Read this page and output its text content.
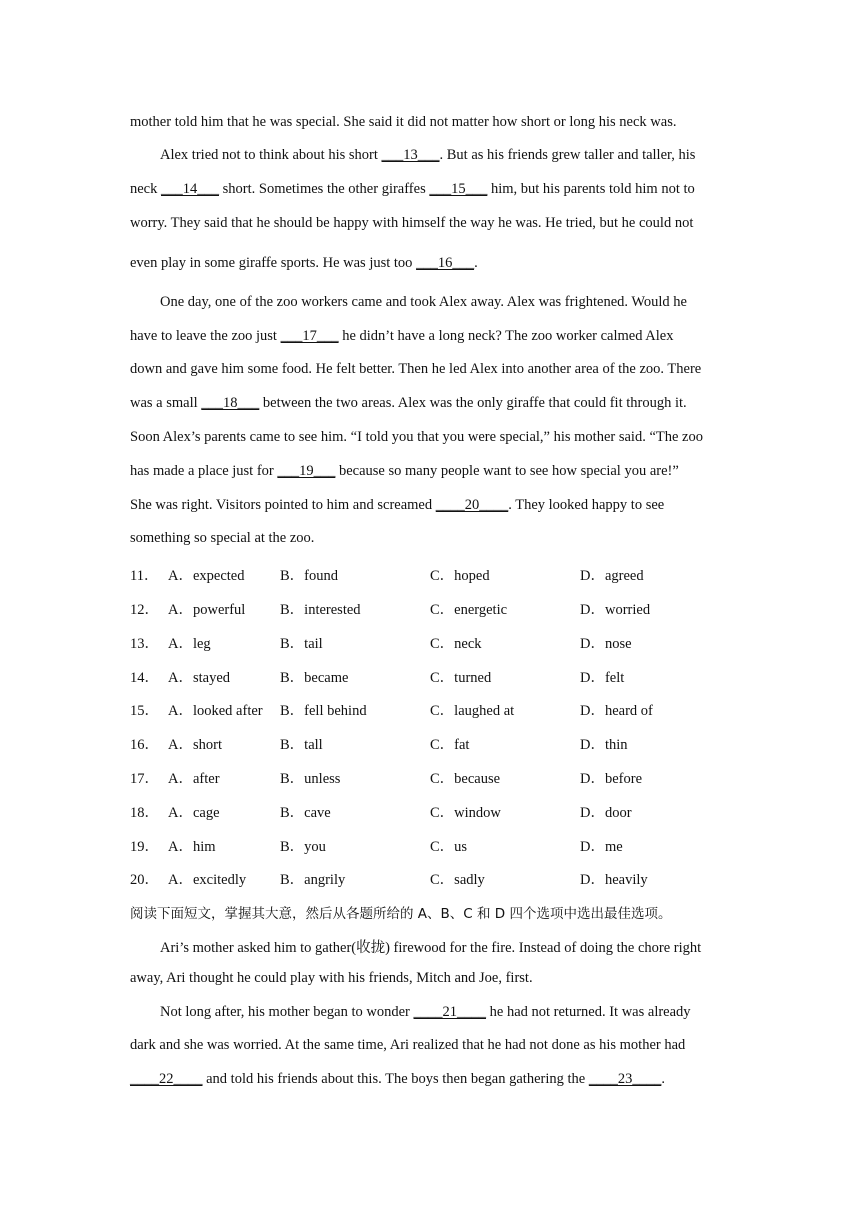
mother told him that he was special. She said it did not matter how short or long his neck was.
Alex tried not to think about his short ___13___. But as his friends grew taller and taller, his
neck ___14___ short. Sometimes the other giraffes ___15___ him, but his parents told him not to
worry. They said that he should be happy with himself the way he was. He tried, but he could not
even play in some giraffe sports. He was just too ___16___.
One day, one of the zoo workers came and took Alex away. Alex was frightened. Would he
have to leave the zoo just ___17___ he didn’t have a long neck? The zoo worker calmed Alex
down and gave him some food. He felt better. Then he led Alex into another area of the zoo. There
was a small ___18___ between the two areas. Alex was the only giraffe that could fit through it.
Soon Alex’s parents came to see him. “I told you that you were special,” his mother said. “The zoo
has made a place just for ___19___ because so many people want to see how special you are!”
She was right. Visitors pointed to him and screamed ____20____. They looked happy to see
something so special at the zoo.
11． A．expected B．found	C．hoped	D．agreed
12． A．powerful B．interested	C．energetic	D．worried
13． A．leg	B．tail	C．neck	D．nose
14． A．stayed	B．became	C．turned	D．felt
15． A．looked after B．fell behind	C．laughed at	D．heard of
16． A．short	B．tall	C．fat	D．thin
17． A．after	B．unless	C．because	D．before
18． A．cage	B．cave	C．window	D．door
19． A．him	B．you	C．us	D．me
20． A．excitedly B．angrily	C．sadly	D．heavily
阅读下面短文，掌握其大意，然后从各题所给的 A、B、C 和 D 四个选项中选出最佳选项。
Ari’s mother asked him to gather(收拢) firewood for the fire. Instead of doing the chore right
away, Ari thought he could play with his friends, Mitch and Joe, first.
Not long after, his mother began to wonder ____21____ he had not returned. It was already
dark and she was worried. At the same time, Ari realized that he had not done as his mother had
____22____ and told his friends about this. The boys then began gathering the ____23____.
